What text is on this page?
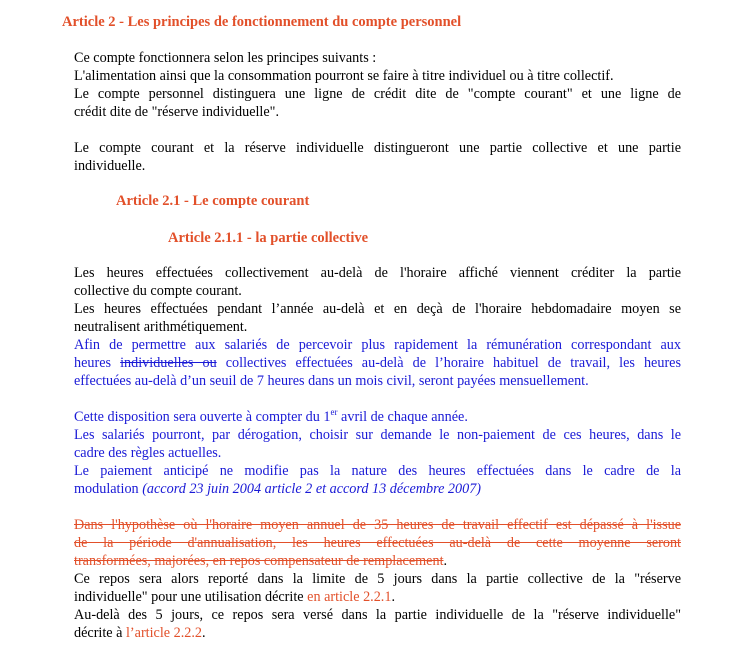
Article 2 - Les principes de fonctionnement du compte personnel
Ce compte fonctionnera selon les principes suivants :
L'alimentation ainsi que la consommation pourront se faire à titre individuel ou à titre collectif.
Le compte personnel distinguera une ligne de crédit dite de "compte courant" et une ligne de
crédit dite de "réserve individuelle".
Le compte courant et la réserve individuelle distingueront une partie collective et une partie
individuelle.
Article 2.1 - Le compte courant
Article 2.1.1 - la partie collective
Les heures effectuées collectivement au-delà de l'horaire affiché viennent créditer la partie
collective du compte courant.
Les heures effectuées pendant l’année au-delà et en deçà de l'horaire hebdomadaire moyen se
neutralisent arithmétiquement.
Afin de permettre aux salariés de percevoir plus rapidement la rémunération correspondant aux
heures individuelles ou collectives effectuées au-delà de l’horaire habituel de travail, les heures
effectuées au-delà d’un seuil de 7 heures dans un mois civil, seront payées mensuellement.
Cette disposition sera ouverte à compter du 1er avril de chaque année.
Les salariés pourront, par dérogation, choisir sur demande le non-paiement de ces heures, dans le
cadre des règles actuelles.
Le paiement anticipé ne modifie pas la nature des heures effectuées dans le cadre de la
modulation (accord 23 juin 2004 article 2 et accord 13 décembre 2007)
Dans l'hypothèse où l'horaire moyen annuel de 35 heures de travail effectif est dépassé à l'issue
de la période d'annualisation, les heures effectuées au-delà de cette moyenne seront
transformées, majorées, en repos compensateur de remplacement.
Ce repos sera alors reporté dans la limite de 5 jours dans la partie collective de la "réserve
individuelle" pour une utilisation décrite en article 2.2.1.
Au-delà des 5 jours, ce repos sera versé dans la partie individuelle de la "réserve individuelle"
décrite à l’article 2.2.2.
